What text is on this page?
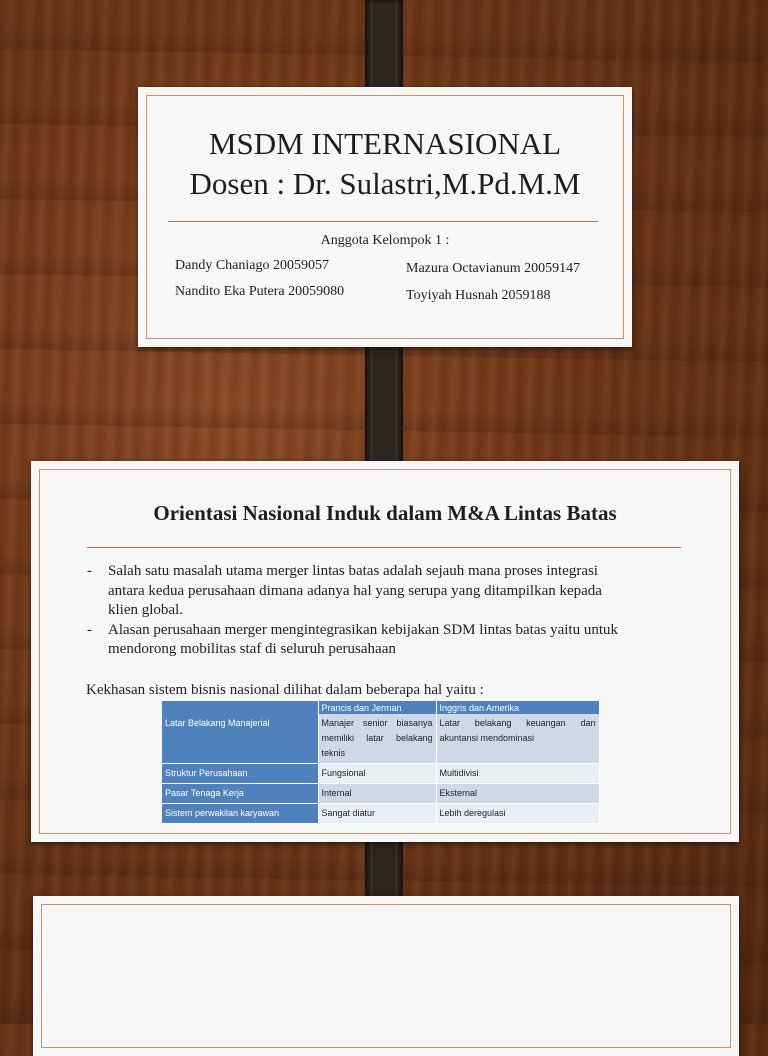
MSDM INTERNASIONAL
Dosen : Dr. Sulastri,M.Pd.M.M
Anggota Kelompok 1 :
Dandy Chaniago 20059057
Nandito Eka Putera 20059080
Mazura Octavianum 20059147
Toyiyah Husnah 2059188
Orientasi Nasional Induk dalam M&A Lintas Batas
- Salah satu masalah utama merger lintas batas adalah sejauh mana proses integrasi antara kedua perusahaan dimana adanya hal yang serupa yang ditampilkan kepada klien global.
- Alasan perusahaan merger mengintegrasikan kebijakan SDM lintas batas yaitu untuk mendorong mobilitas staf di seluruh perusahaan
Kekhasan sistem bisnis nasional dilihat dalam beberapa hal yaitu :
	Prancis dan Jerman	Inggris dan Amerika
Latar Belakang Manajerial	Manajer senior biasanya memiliki latar belakang teknis	Latar belakang keuangan dan akuntansi mendominasi
Struktur Perusahaan	Fungsional	Multidivisi
Pasar Tenaga Kerja	Internal	Eksternal
Sistem perwakilan karyawan	Sangat diatur	Lebih deregulasi
